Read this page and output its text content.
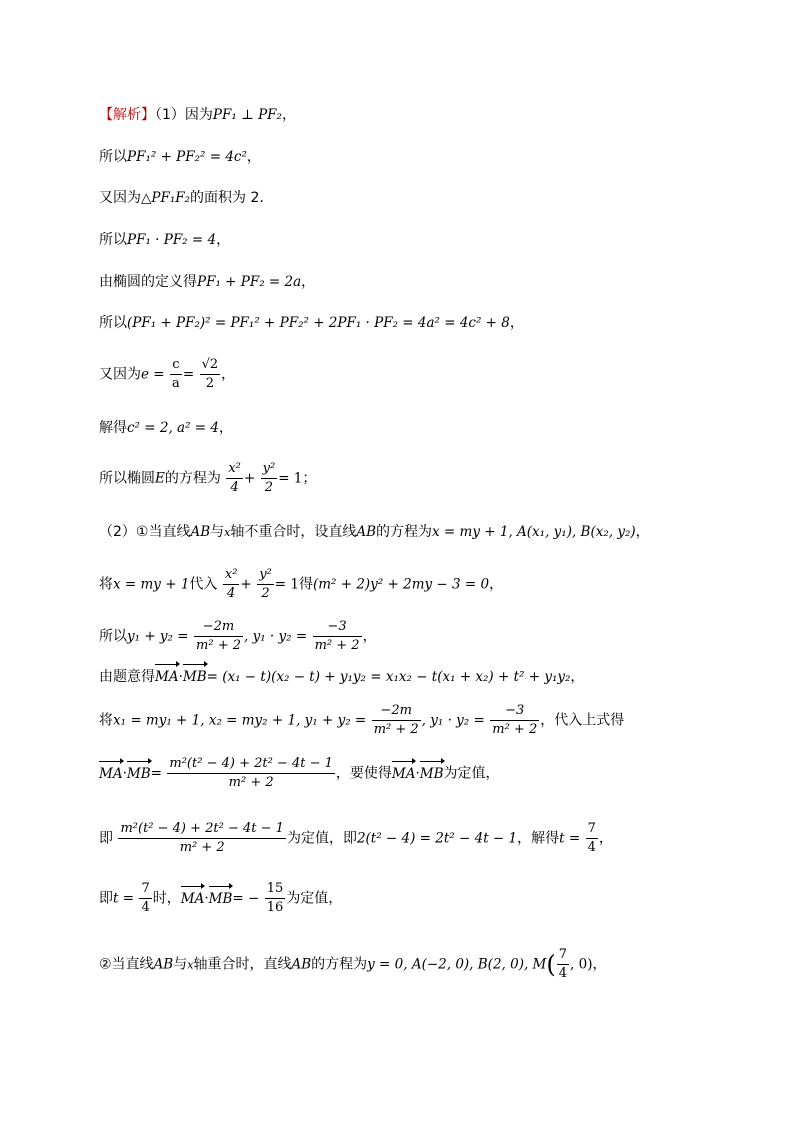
【解析】（1）因为PF₁ ⊥ PF₂，
所以PF₁² + PF₂² = 4c²，
又因为△PF₁F₂的面积为 2.
所以PF₁ · PF₂ = 4，
由椭圆的定义得PF₁ + PF₂ = 2a，
所以(PF₁ + PF₂)² = PF₁² + PF₂² + 2PF₁ · PF₂ = 4a² = 4c² + 8，
又因为$e = \frac{c}{a} = \frac{√2}{2}$ ，
解得c² = 2, a² = 4，
所以椭圆E的方程为 $\frac{\text{x²}}{4} + \frac{\text{y²}}{2} = 1$；
（2）①当直线AB与x轴不重合时，设直线AB的方程为x = my + 1, A(x₁, y₁), B(x₂, y₂)，
将x = my + 1代入 $\frac{\text{x²}}{4} + \frac{\text{y²}}{2} = 1$得(m² + 2)y² + 2my − 3 = 0，
所以$y_1 + y_2 = \frac{-2m}{\text{m² + 2}}$ , $y_1 \cdot y_2 = \frac{-3}{\text{m² + 2}}$ ，
由题意得MA·MB= (x₁ − t)(x₂ − t) + y₁y₂ = x₁x₂ − t(x₁ + x₂) + t² + y₁y₂，
将x₁ = my₁ + 1, x₂ = my₂ + 1, $y_1 + y_2 = \frac{-2m}{\text{m² + 2}}$ , $y_1 \cdot y_2 = \frac{-3}{\text{m² + 2}}$ ，代入上式得
$MA\cdot MB= \frac{\text{m²(t² − 4) + 2t² − 4t − 1}}{\text{m² + 2}}$ ，要使得MA·MB为定值，
即 $\frac{\text{m²(t² − 4) + 2t² − 4t − 1}}{\text{m² + 2}}$ 为定值，即2(t² − 4) = 2t² − 4t − 1，解得$t = \frac{7}{4}$ ，
即$t = \frac{7}{4}$ 时，$MA\cdot MB= - \frac{15}{16}$ 为定值，
②当直线AB与x轴重合时，直线AB的方程为y = 0, A(−2, 0), B(2, 0), $M( \frac{7}{4}$ , 0)，
